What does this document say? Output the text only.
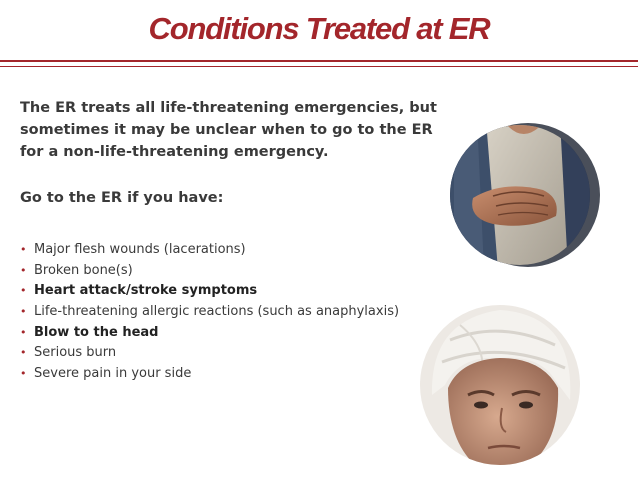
Conditions Treated at ER
The ER treats all life-threatening emergencies, but sometimes it may be unclear when to go to the ER for a non-life-threatening emergency.
Go to the ER if you have:
• Major flesh wounds (lacerations)
• Broken bone(s)
• Heart attack/stroke symptoms
• Life-threatening allergic reactions (such as anaphylaxis)
• Blow to the head
• Serious burn
• Severe pain in your side
